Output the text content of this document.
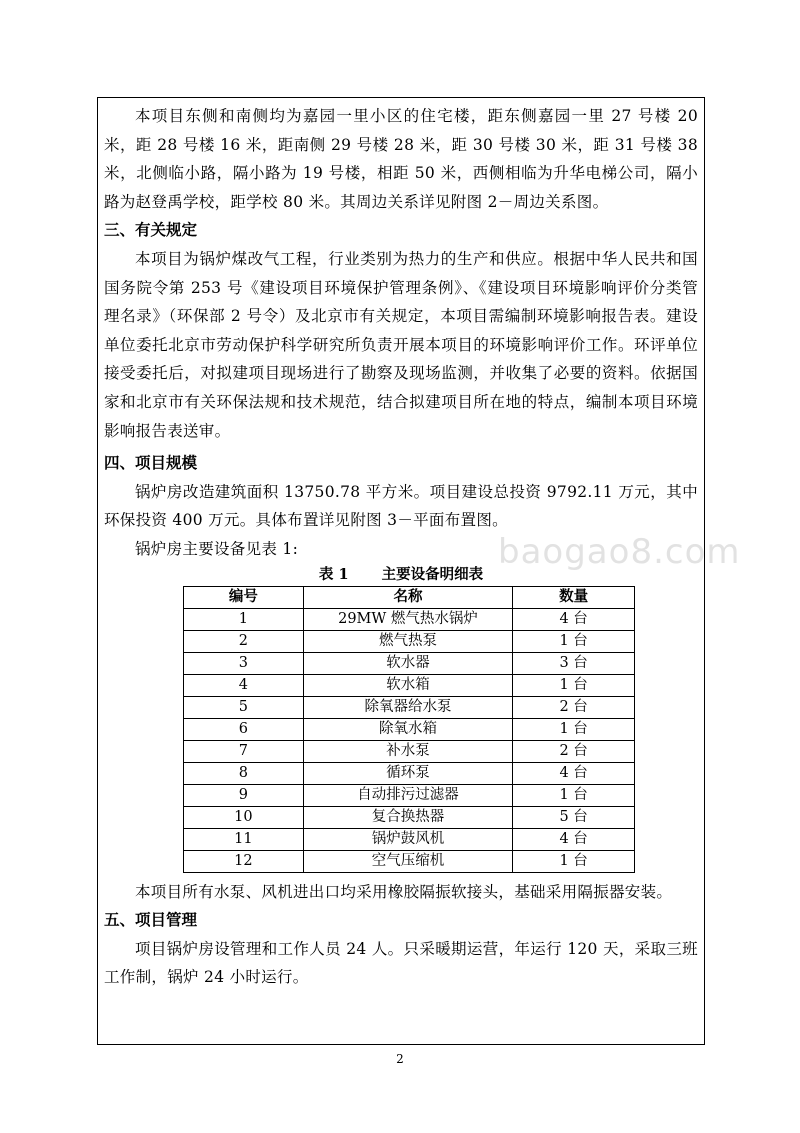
本项目东侧和南侧均为嘉园一里小区的住宅楼，距东侧嘉园一里 27 号楼 20 米，距 28 号楼 16 米，距南侧 29 号楼 28 米，距 30 号楼 30 米，距 31 号楼 38 米，北侧临小路，隔小路为 19 号楼，相距 50 米，西侧相临为升华电梯公司，隔小路为赵登禹学校，距学校 80 米。其周边关系详见附图 2－周边关系图。

三、有关规定

本项目为锅炉煤改气工程，行业类别为热力的生产和供应。根据中华人民共和国国务院令第 253 号《建设项目环境保护管理条例》、《建设项目环境影响评价分类管理名录》（环保部 2 号令）及北京市有关规定，本项目需编制环境影响报告表。建设单位委托北京市劳动保护科学研究所负责开展本项目的环境影响评价工作。环评单位接受委托后，对拟建项目现场进行了勘察及现场监测，并收集了必要的资料。依据国家和北京市有关环保法规和技术规范，结合拟建项目所在地的特点，编制本项目环境影响报告表送审。

四、项目规模

锅炉房改造建筑面积 13750.78 平方米。项目建设总投资 9792.11 万元，其中环保投资 400 万元。具体布置详见附图 3－平面布置图。

锅炉房主要设备见表 1:

表 1 主要设备明细表

编号	名称	数量
1	29MW 燃气热水锅炉	4 台
2	燃气热泵	1 台
3	软水器	3 台
4	软水箱	1 台
5	除氧器给水泵	2 台
6	除氧水箱	1 台
7	补水泵	2 台
8	循环泵	4 台
9	自动排污过滤器	1 台
10	复合换热器	5 台
11	锅炉鼓风机	4 台
12	空气压缩机	1 台

本项目所有水泵、风机进出口均采用橡胶隔振软接头，基础采用隔振器安装。

五、项目管理

项目锅炉房设管理和工作人员 24 人。只采暖期运营，年运行 120 天，采取三班工作制，锅炉 24 小时运行。

baogao8.com
2
